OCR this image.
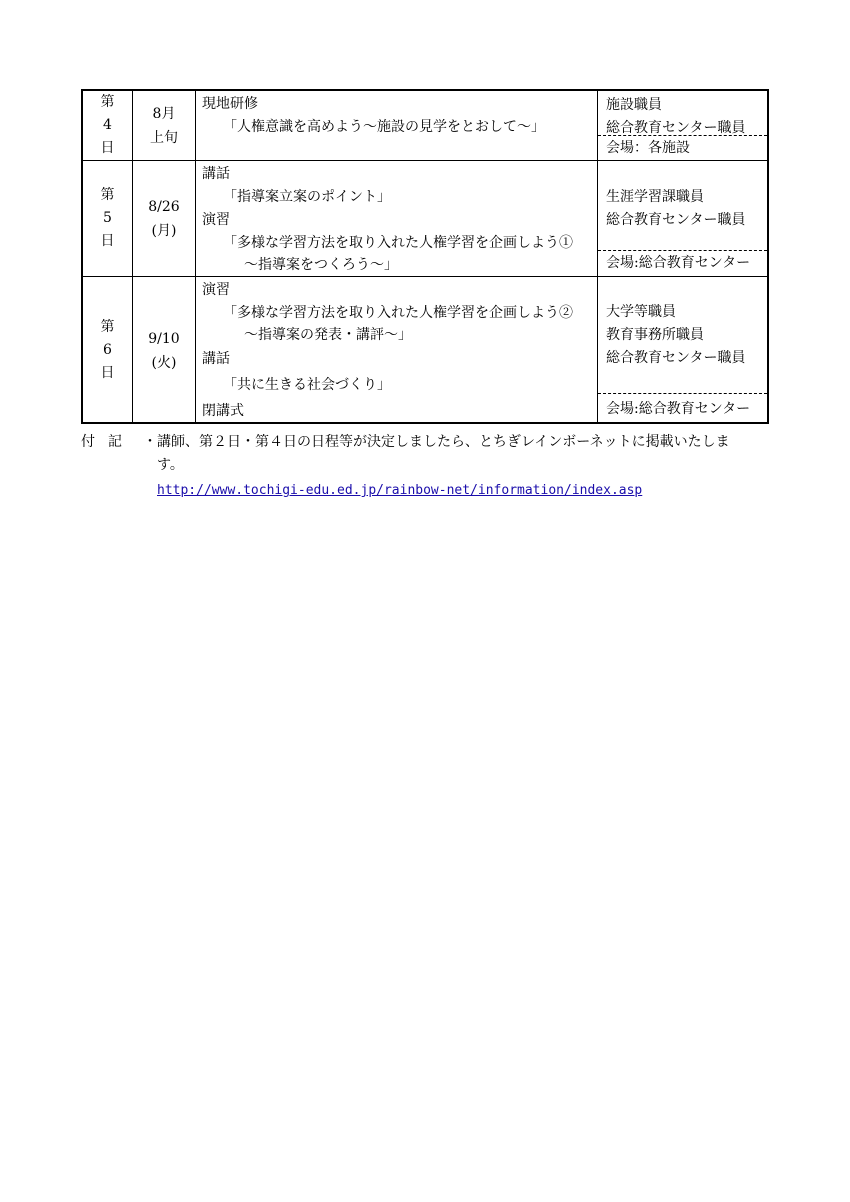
第
4
日
8月
上旬
現地研修
「人権意識を高めよう〜施設の見学をとおして〜」
施設職員
総合教育センター職員
会場：各施設
第
5
日
8/26
(月)
講話
「指導案立案のポイント」
演習
「多様な学習方法を取り入れた人権学習を企画しよう①
〜指導案をつくろう〜」
生涯学習課職員
総合教育センター職員
会場:総合教育センター
第
6
日
9/10
(火)
演習
「多様な学習方法を取り入れた人権学習を企画しよう②
〜指導案の発表・講評〜」
講話
「共に生きる社会づくり」
閉講式
大学等職員
教育事務所職員
総合教育センター職員
会場:総合教育センター
付記 ・講師、第２日・第４日の日程等が決定しましたら、とちぎレインボーネットに掲載いたしま
す。
http://www.tochigi-edu.ed.jp/rainbow-net/information/index.asp
